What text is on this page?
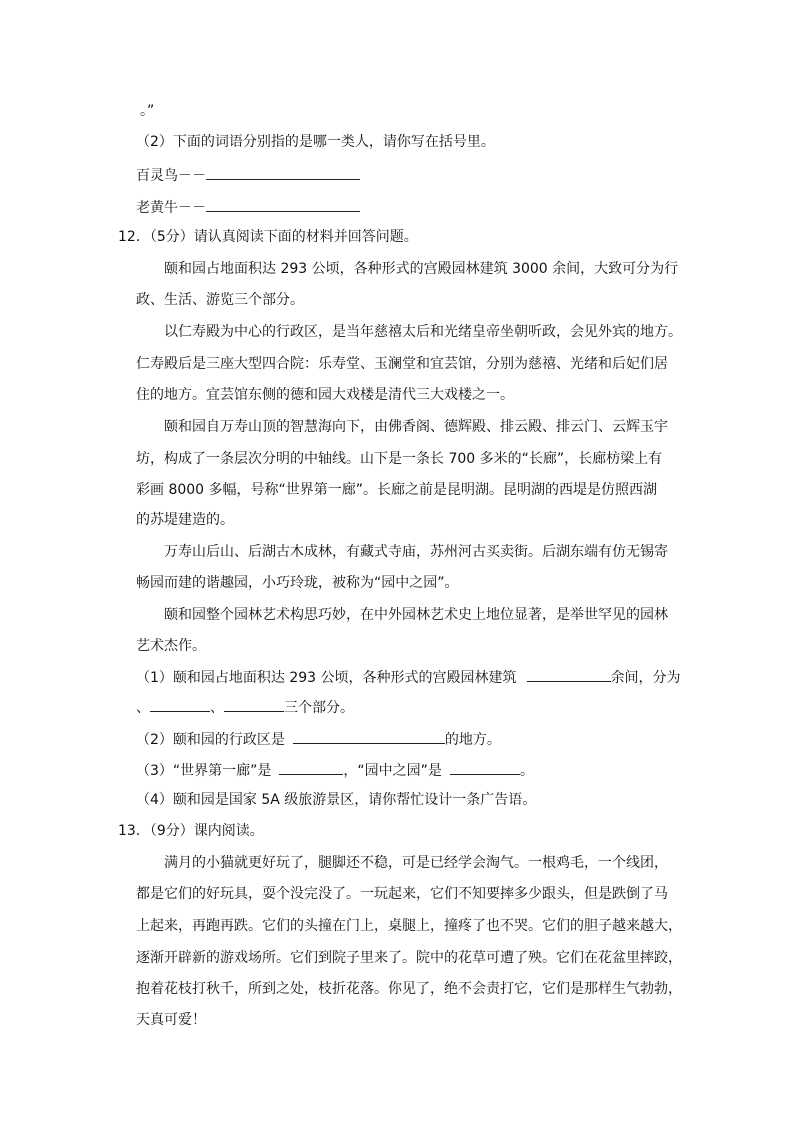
。”
（2）下面的词语分别指的是哪一类人，请你写在括号里。
百灵鸟－－
老黄牛－－
12．（5分）请认真阅读下面的材料并回答问题。
颐和园占地面积达 293 公顷，各种形式的宫殿园林建筑 3000 余间，大致可分为行
政、生活、游览三个部分。
以仁寿殿为中心的行政区，是当年慈禧太后和光绪皇帝坐朝听政，会见外宾的地方。
仁寿殿后是三座大型四合院：乐寿堂、玉澜堂和宜芸馆，分别为慈禧、光绪和后妃们居
住的地方。宜芸馆东侧的德和园大戏楼是清代三大戏楼之一。
颐和园自万寿山顶的智慧海向下，由佛香阁、德辉殿、排云殿、排云门、云辉玉宇
坊，构成了一条层次分明的中轴线。山下是一条长 700 多米的“长廊”，长廊枋梁上有
彩画 8000 多幅，号称“世界第一廊”。长廊之前是昆明湖。昆明湖的西堤是仿照西湖
的苏堤建造的。
万寿山后山、后湖古木成林，有藏式寺庙，苏州河古买卖街。后湖东端有仿无锡寄
畅园而建的谐趣园，小巧玲珑，被称为“园中之园”。
颐和园整个园林艺术构思巧妙，在中外园林艺术史上地位显著，是举世罕见的园林
艺术杰作。
（1）颐和园占地面积达 293 公顷，各种形式的宫殿园林建筑	余间，分为
、	、	三个部分。
（2）颐和园的行政区是	的地方。
（3）“世界第一廊”是	，“园中之园”是	。
（4）颐和园是国家 5A 级旅游景区，请你帮忙设计一条广告语。
13．（9分）课内阅读。
满月的小猫就更好玩了，腿脚还不稳，可是已经学会淘气。一根鸡毛，一个线团，
都是它们的好玩具，耍个没完没了。一玩起来，它们不知要摔多少跟头，但是跌倒了马
上起来，再跑再跌。它们的头撞在门上，桌腿上，撞疼了也不哭。它们的胆子越来越大，
逐渐开辟新的游戏场所。它们到院子里来了。院中的花草可遭了殃。它们在花盆里摔跤，
抱着花枝打秋千，所到之处，枝折花落。你见了，绝不会责打它，它们是那样生气勃勃，
天真可爱！
